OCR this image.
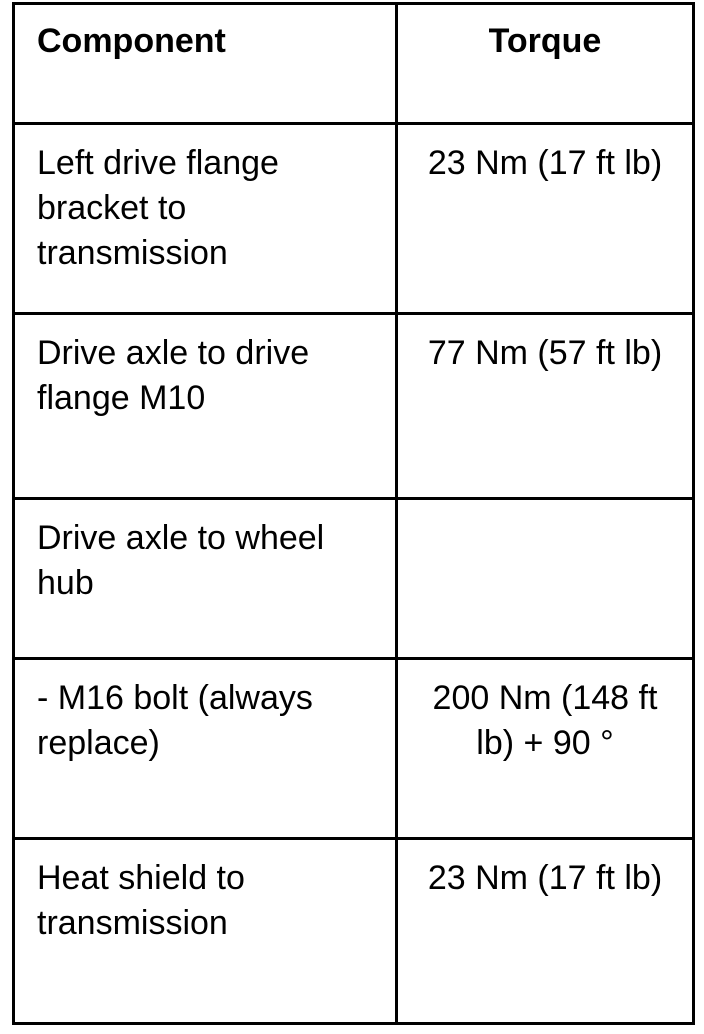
Component	Torque

Left drive flange bracket to transmission	23 Nm (17 ft lb)

Drive axle to drive flange M10	77 Nm (57 ft lb)

Drive axle to wheel hub	

- M16 bolt (always replace)	200 Nm (148 ft lb) + 90 °

Heat shield to transmission	23 Nm (17 ft lb)
